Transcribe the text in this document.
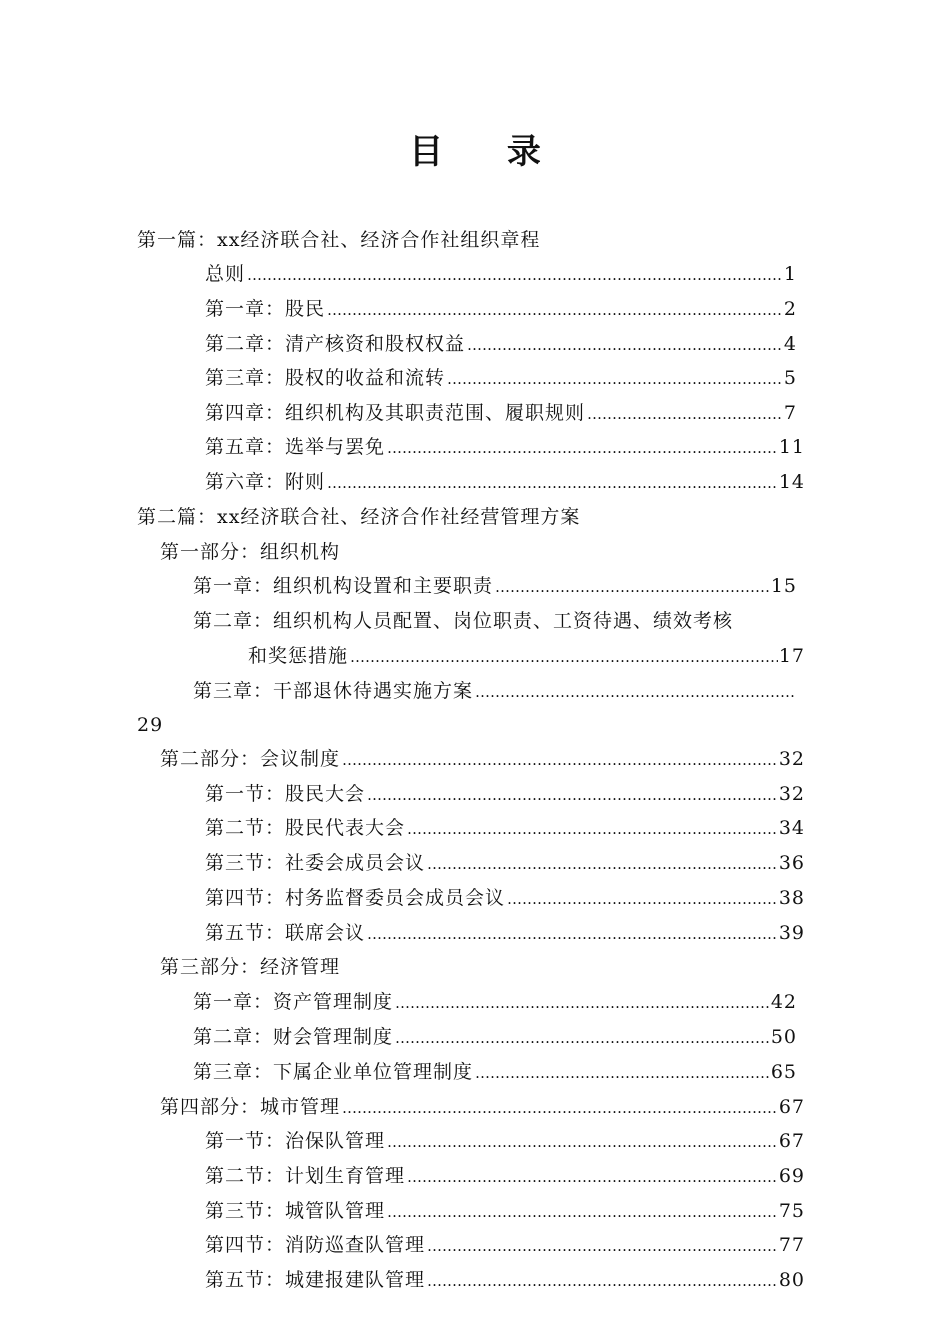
目 录
第一篇：xx经济联合社、经济合作社组织章程
总则 …………………………………………………………………………………………………………………………………………………………	1
第一章：股民 …………………………………………………………………………………………………………………………………………………………	2
第二章：清产核资和股权权益 …………………………………………………………………………………………………………………………………………………………	4
第三章：股权的收益和流转 …………………………………………………………………………………………………………………………………………………………	5
第四章：组织机构及其职责范围、履职规则 …………………………………………………………………………………………………………………………………………………………	7
第五章：选举与罢免 …………………………………………………………………………………………………………………………………………………………	11
第六章：附则 …………………………………………………………………………………………………………………………………………………………	14
第二篇：xx经济联合社、经济合作社经营管理方案
第一部分：组织机构
第一章：组织机构设置和主要职责 …………………………………………………………………………………………………………………………………………………………	15
第二章：组织机构人员配置、岗位职责、工资待遇、绩效考核
和奖惩措施 …………………………………………………………………………………………………………………………………………………………	17
第三章：干部退休待遇实施方案
…………………………………………………………………………………………………………………………………………………………
29
第二部分：会议制度 …………………………………………………………………………………………………………………………………………………………	32
第一节：股民大会 …………………………………………………………………………………………………………………………………………………………	32
第二节：股民代表大会 …………………………………………………………………………………………………………………………………………………………	34
第三节：社委会成员会议 …………………………………………………………………………………………………………………………………………………………	36
第四节：村务监督委员会成员会议 …………………………………………………………………………………………………………………………………………………………	38
第五节：联席会议 …………………………………………………………………………………………………………………………………………………………	39
第三部分：经济管理
第一章：资产管理制度 …………………………………………………………………………………………………………………………………………………………	42
第二章：财会管理制度 …………………………………………………………………………………………………………………………………………………………	50
第三章：下属企业单位管理制度 …………………………………………………………………………………………………………………………………………………………	65
第四部分：城市管理 …………………………………………………………………………………………………………………………………………………………	67
第一节：治保队管理 …………………………………………………………………………………………………………………………………………………………	67
第二节：计划生育管理 …………………………………………………………………………………………………………………………………………………………	69
第三节：城管队管理 …………………………………………………………………………………………………………………………………………………………	75
第四节：消防巡查队管理 …………………………………………………………………………………………………………………………………………………………	77
第五节：城建报建队管理 …………………………………………………………………………………………………………………………………………………………	80
